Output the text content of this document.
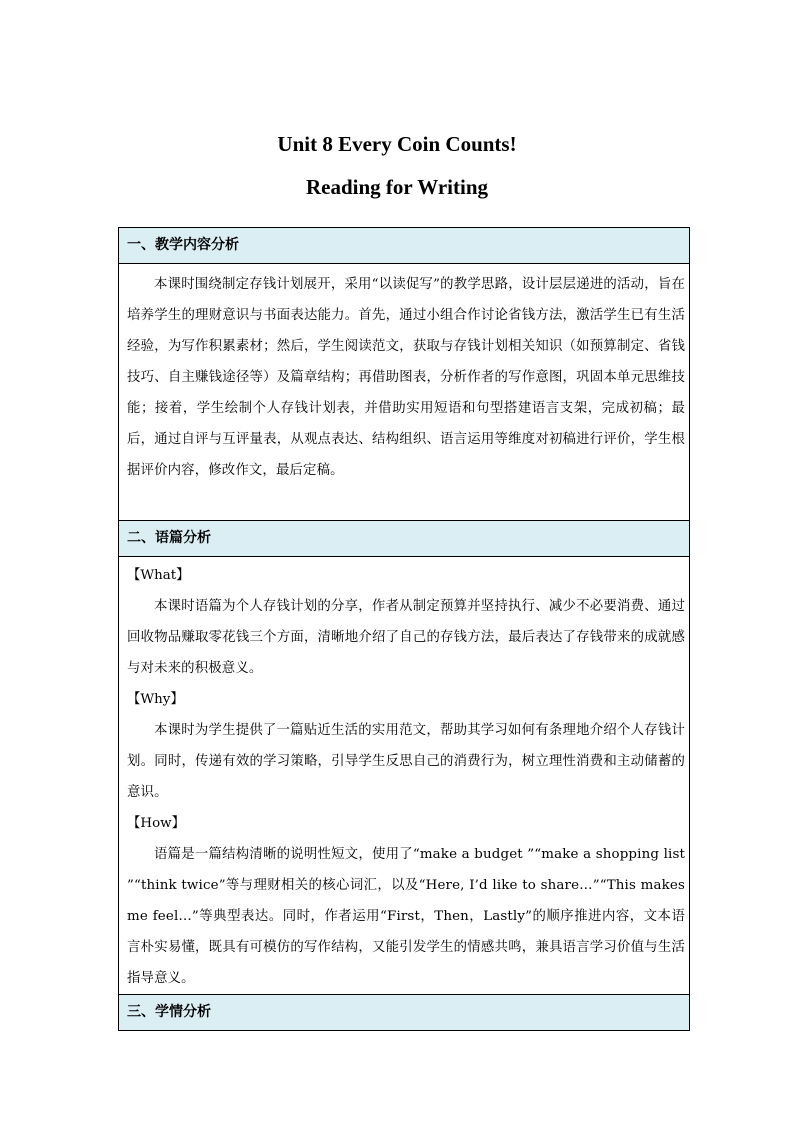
Unit 8 Every Coin Counts!
Reading for Writing
一、教学内容分析

本课时围绕制定存钱计划展开，采用“以读促写”的教学思路，设计层层递进的活动，旨在培养学生的理财意识与书面表达能力。首先，通过小组合作讨论省钱方法，激活学生已有生活经验，为写作积累素材；然后，学生阅读范文，获取与存钱计划相关知识（如预算制定、省钱技巧、自主赚钱途径等）及篇章结构；再借助图表，分析作者的写作意图，巩固本单元思维技能；接着，学生绘制个人存钱计划表，并借助实用短语和句型搭建语言支架，完成初稿；最后，通过自评与互评量表，从观点表达、结构组织、语言运用等维度对初稿进行评价，学生根据评价内容，修改作文，最后定稿。

二、语篇分析

【What】

本课时语篇为个人存钱计划的分享，作者从制定预算并坚持执行、减少不必要消费、通过回收物品赚取零花钱三个方面，清晰地介绍了自己的存钱方法，最后表达了存钱带来的成就感与对未来的积极意义。

【Why】

本课时为学生提供了一篇贴近生活的实用范文，帮助其学习如何有条理地介绍个人存钱计划。同时，传递有效的学习策略，引导学生反思自己的消费行为，树立理性消费和主动储蓄的意识。

【How】

语篇是一篇结构清晰的说明性短文，使用了“make a budget ”“make a shopping list ”“think twice”等与理财相关的核心词汇，以及“Here, I’d like to share…”“This makes me feel…”等典型表达。同时，作者运用“First，Then，Lastly”的顺序推进内容，文本语言朴实易懂，既具有可模仿的写作结构，又能引发学生的情感共鸣，兼具语言学习价值与生活指导意义。

三、学情分析
